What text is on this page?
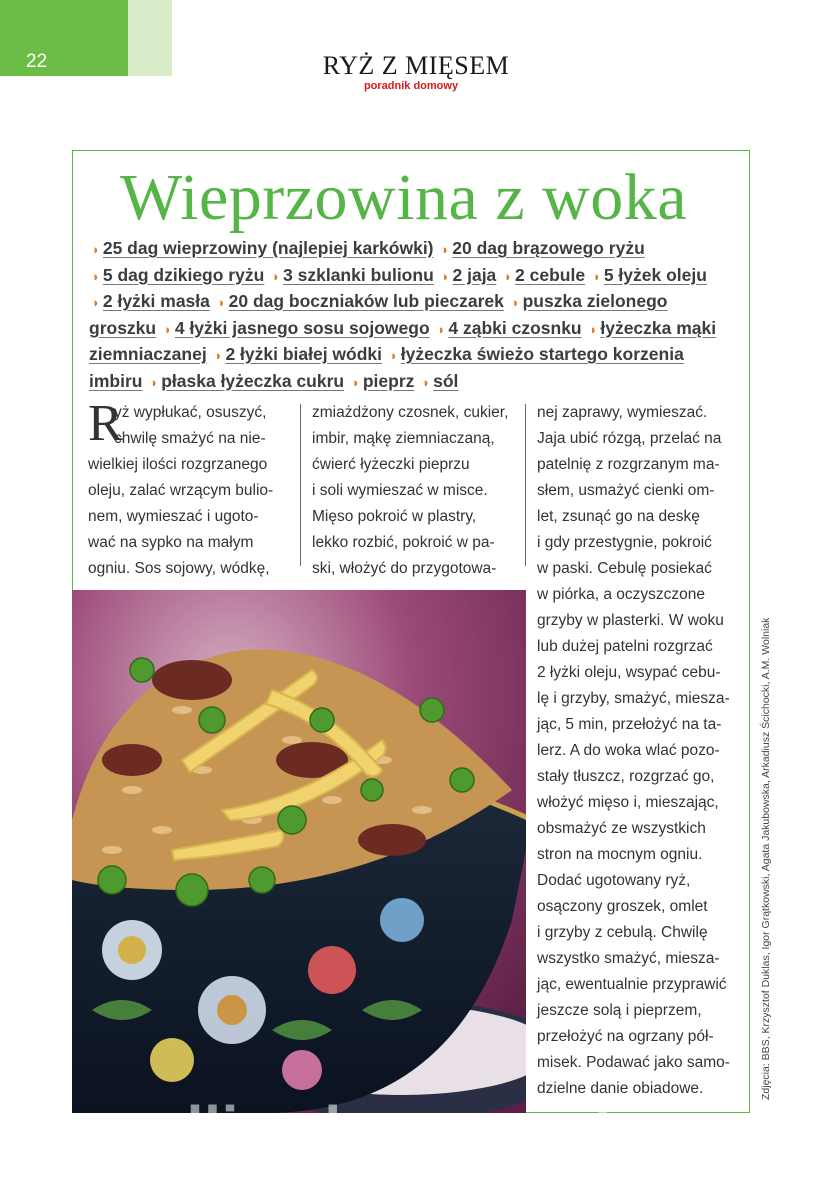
22	RYŻ Z MIĘSEM
poradnik domowy
Wieprzowina z woka
◗ 25 dag wieprzowiny (najlepiej karkówki) ◗ 20 dag brązowego ryżu
◗ 5 dag dzikiego ryżu ◗ 3 szklanki bulionu ◗ 2 jaja ◗ 2 cebule ◗ 5 łyżek oleju
◗ 2 łyżki masła ◗ 20 dag boczniaków lub pieczarek ◗ puszka zielonego groszku ◗ 4 łyżki jasnego sosu sojowego ◗ 4 ząbki czosnku ◗ łyżeczka mąki ziemniaczanej ◗ 2 łyżki białej wódki ◗ łyżeczka świeżo startego korzenia imbiru ◗ płaska łyżeczka cukru ◗ pieprz ◗ sól
R
yż wypłukać, osuszyć,
chwilę smażyć na nie-
wielkiej ilości rozgrzanego
oleju, zalać wrzącym bulio-
nem, wymieszać i ugoto-
wać na sypko na małym
ogniu. Sos sojowy, wódkę,
zmiażdżony czosnek, cukier,
imbir, mąkę ziemniaczaną,
ćwierć łyżeczki pieprzu
i soli wymieszać w misce.
Mięso pokroić w plastry,
lekko rozbić, pokroić w pa-
ski, włożyć do przygotowa-
nej zaprawy, wymieszać.
Jaja ubić rózgą, przelać na
patelnię z rozgrzanym ma-
słem, usmażyć cienki om-
let, zsunąć go na deskę
i gdy przestygnie, pokroić
w paski. Cebulę posiekać
w piórka, a oczyszczone
grzyby w plasterki. W woku
lub dużej patelni rozgrzać
2 łyżki oleju, wsypać cebu-
lę i grzyby, smażyć, miesza-
jąc, 5 min, przełożyć na ta-
lerz. A do woka wlać pozo-
stały tłuszcz, rozgrzać go,
włożyć mięso i, mieszając,
obsmażyć ze wszystkich
stron na mocnym ogniu.
Dodać ugotowany ryż,
osączony groszek, omlet
i grzyby z cebulą. Chwilę
wszystko smażyć, miesza-
jąc, ewentualnie przyprawić
jeszcze solą i pieprzem,
przełożyć na ogrzany pół-
misek. Podawać jako samo-
dzielne danie obiadowe.	Zdjęcia: BBS, Krzysztof Duklas, Igor Grątkowski, Agata Jakubowska, Arkadiusz Ścichocki, A.M. Wolniak
wedlinydomowe.pl
